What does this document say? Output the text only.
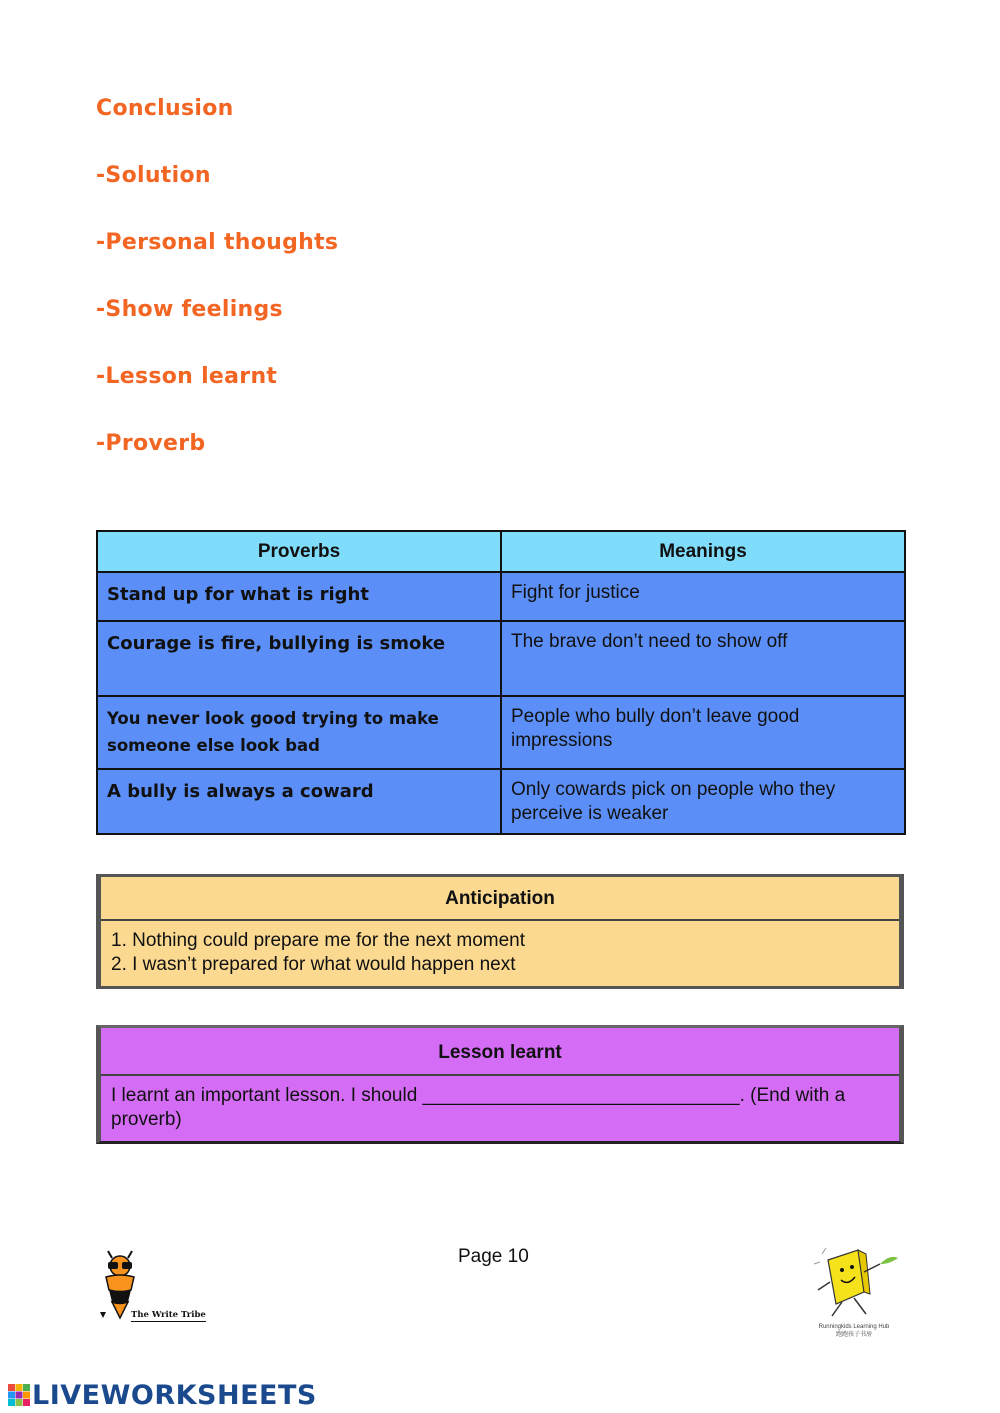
Conclusion
-Solution
-Personal thoughts
-Show feelings
-Lesson learnt
-Proverb
Proverbs	Meanings
Stand up for what is right	Fight for justice
Courage is fire, bullying is smoke	The brave don’t need to show off
You never look good trying to make someone else look bad	People who bully don’t leave good impressions
A bully is always a coward	Only cowards pick on people who they perceive is weaker
Anticipation
1. Nothing could prepare me for the next moment
2. I wasn’t prepared for what would happen next
Lesson learnt
I learnt an important lesson. I should ______________________________. (End with a proverb)
Page 10
The Write Tribe
Runningkids Learning Hub
跑跑孩子书房
LIVEWORKSHEETS
